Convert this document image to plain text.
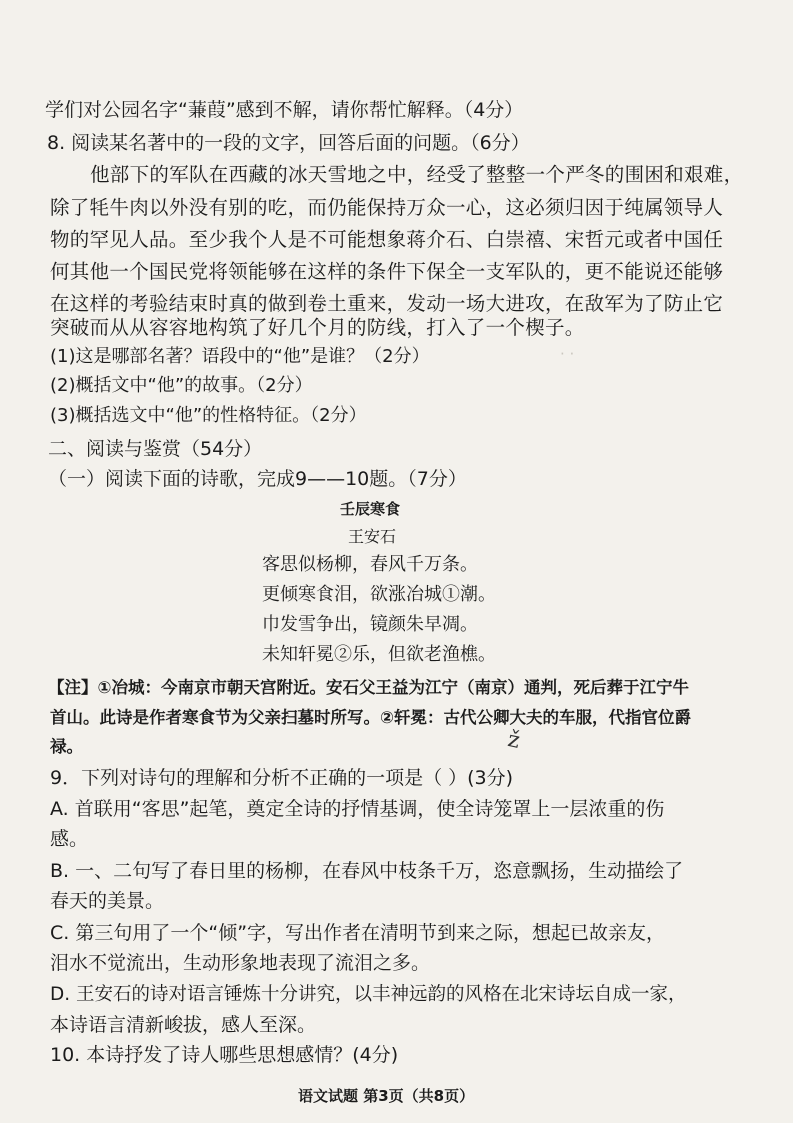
· ·
学们对公园名字“蒹葭”感到不解，请你帮忙解释。（4分）
8. 阅读某名著中的一段的文字，回答后面的问题。（6分）
他部下的军队在西藏的冰天雪地之中，经受了整整一个严冬的围困和艰难，
除了牦牛肉以外没有别的吃，而仍能保持万众一心，这必须归因于纯属领导人
物的罕见人品。至少我个人是不可能想象蒋介石、白崇禧、宋哲元或者中国任
何其他一个国民党将领能够在这样的条件下保全一支军队的，更不能说还能够
在这样的考验结束时真的做到卷土重来，发动一场大进攻，在敌军为了防止它
突破而从从容容地构筑了好几个月的防线，打入了一个楔子。
(1)这是哪部名著？语段中的“他”是谁？（2分）
(2)概括文中“他”的故事。（2分）
(3)概括选文中“他”的性格特征。（2分）
二、阅读与鉴赏（54分）
（一）阅读下面的诗歌，完成9——10题。（7分）
壬辰寒食
王安石
客思似杨柳，春风千万条。
更倾寒食泪，欲涨冶城①潮。
巾发雪争出，镜颜朱早凋。
未知轩冕②乐，但欲老渔樵。
【注】①冶城：今南京市朝天宫附近。安石父王益为江宁（南京）通判，死后葬于江宁牛
首山。此诗是作者寒食节为父亲扫墓时所写。②轩冕：古代公卿大夫的车服，代指官位爵
禄。	ž
9．下列对诗句的理解和分析不正确的一项是（ ）(3分)
A. 首联用“客思”起笔，奠定全诗的抒情基调，使全诗笼罩上一层浓重的伤
感。
B. 一、二句写了春日里的杨柳，在春风中枝条千万，恣意飘扬，生动描绘了
春天的美景。
C. 第三句用了一个“倾”字，写出作者在清明节到来之际，想起已故亲友，
泪水不觉流出，生动形象地表现了流泪之多。
D. 王安石的诗对语言锤炼十分讲究，以丰神远韵的风格在北宋诗坛自成一家，
本诗语言清新峻拔，感人至深。
10. 本诗抒发了诗人哪些思想感情？(4分)
语文试题 第3页（共8页）
